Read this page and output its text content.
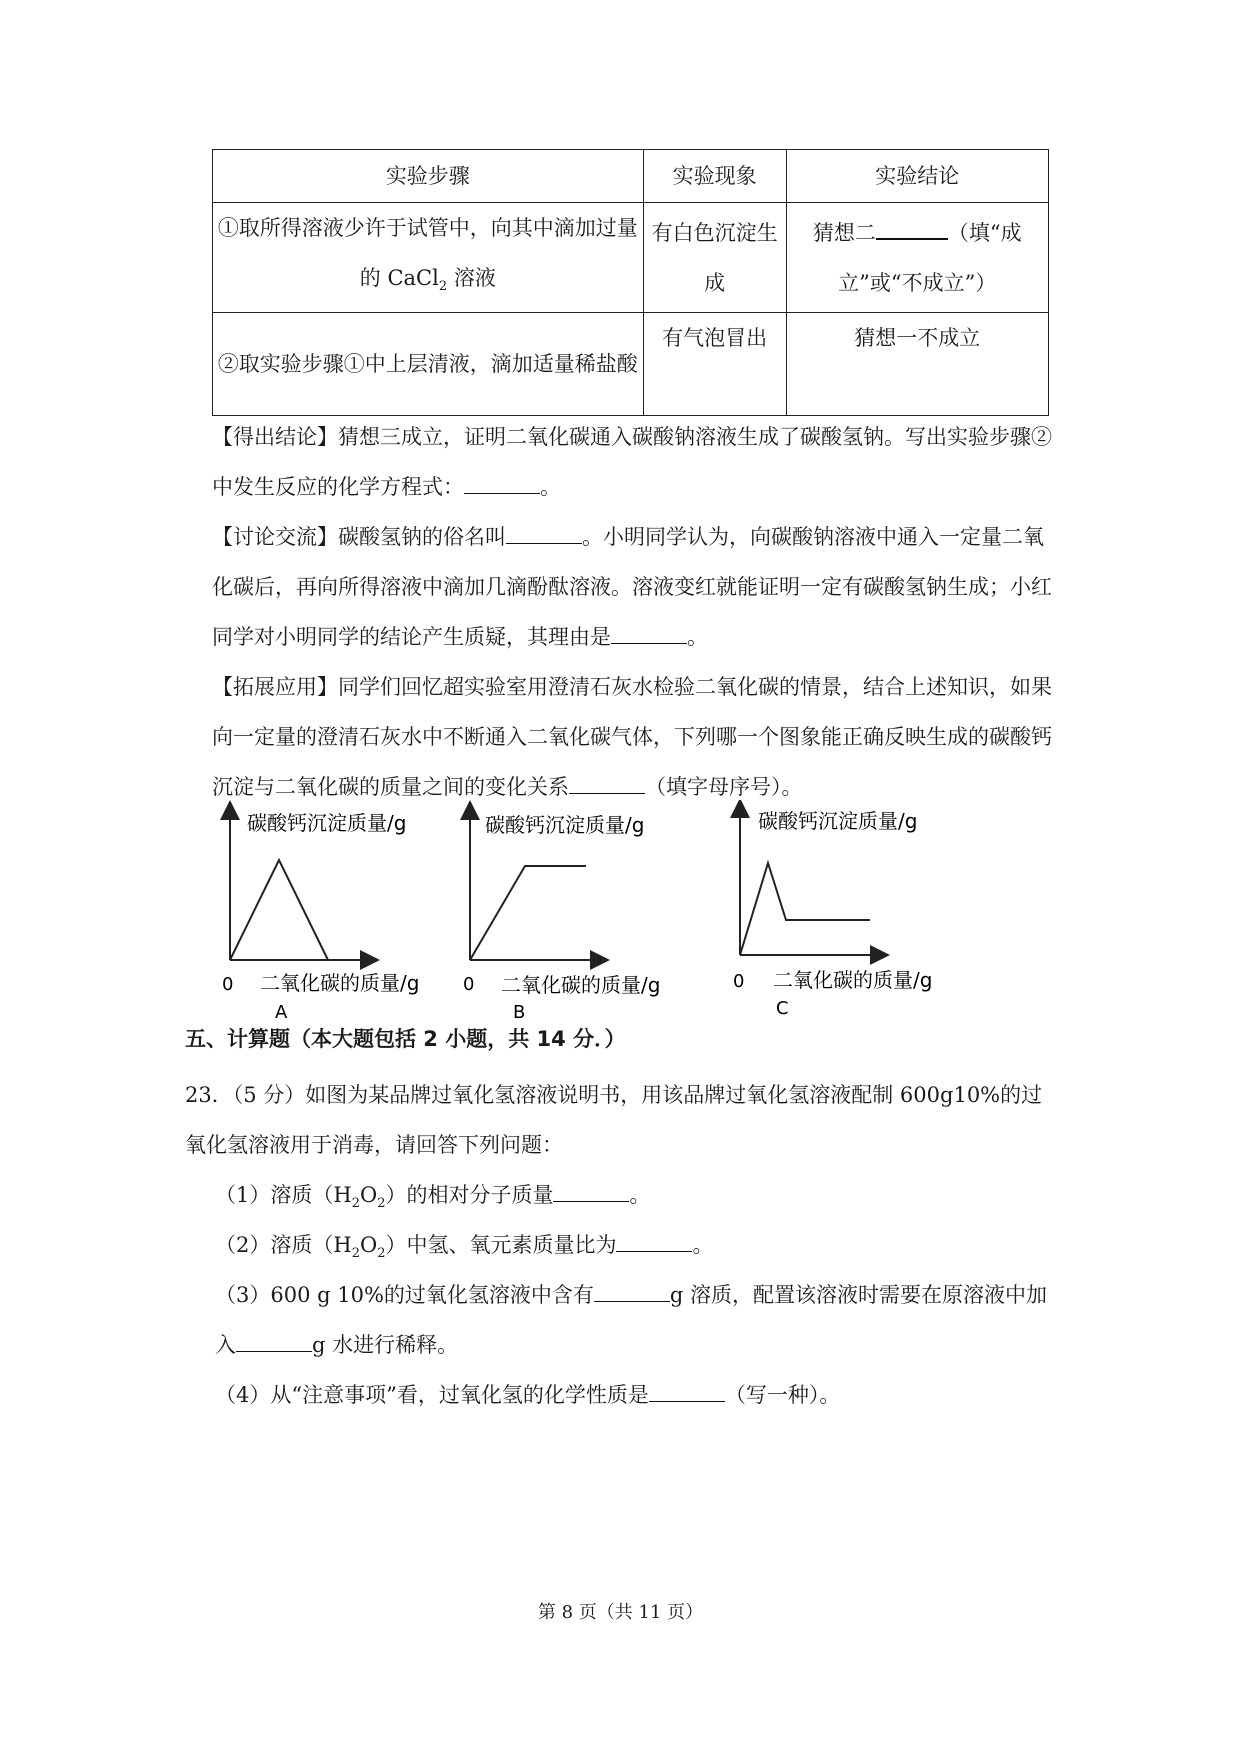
实验步骤	实验现象	实验结论

①取所得溶液少许于试管中，向其中滴加过量
的 CaCl$_2$ 溶液	有白色沉淀生成	猜想二 （填“成立”或“不成立”）
②取实验步骤①中上层清液，滴加适量稀盐酸	有气泡冒出	猜想一不成立

【得出结论】猜想三成立，证明二氧化碳通入碳酸钠溶液生成了碳酸氢钠。写出实验步骤②中发生反应的化学方程式：	。

【讨论交流】碳酸氢钠的俗名叫	。小明同学认为，向碳酸钠溶液中通入一定量二氧化碳后，再向所得溶液中滴加几滴酚酞溶液。溶液变红就能证明一定有碳酸氢钠生成；小红同学对小明同学的结论产生质疑，其理由是	。

【拓展应用】同学们回忆超实验室用澄清石灰水检验二氧化碳的情景，结合上述知识，如果向一定量的澄清石灰水中不断通入二氧化碳气体，下列哪一个图象能正确反映生成的碳酸钙沉淀与二氧化碳的质量之间的变化关系	（填字母序号）。

碳酸钙沉淀质量/g
0 二氧化碳的质量/g
A
碳酸钙沉淀质量/g
0 二氧化碳的质量/g
B
碳酸钙沉淀质量/g
0 二氧化碳的质量/g
C
五、计算题（本大题包括 2 小题，共 14 分．）

23．（5 分）如图为某品牌过氧化氢溶液说明书，用该品牌过氧化氢溶液配制 600g10%的过氧化氢溶液用于消毒，请回答下列问题：

（1）溶质$(H_2O_2)$的相对分子质量	。

（2）溶质$(H_2O_2)$中氢、氧元素质量比为	。

（3）600 g 10%的过氧化氢溶液中含有	g 溶质，配置该溶液时需要在原溶液中加入	g 水进行稀释。

（4）从“注意事项”看，过氧化氢的化学性质是	（写一种）。

第 8 页（共 11 页）
